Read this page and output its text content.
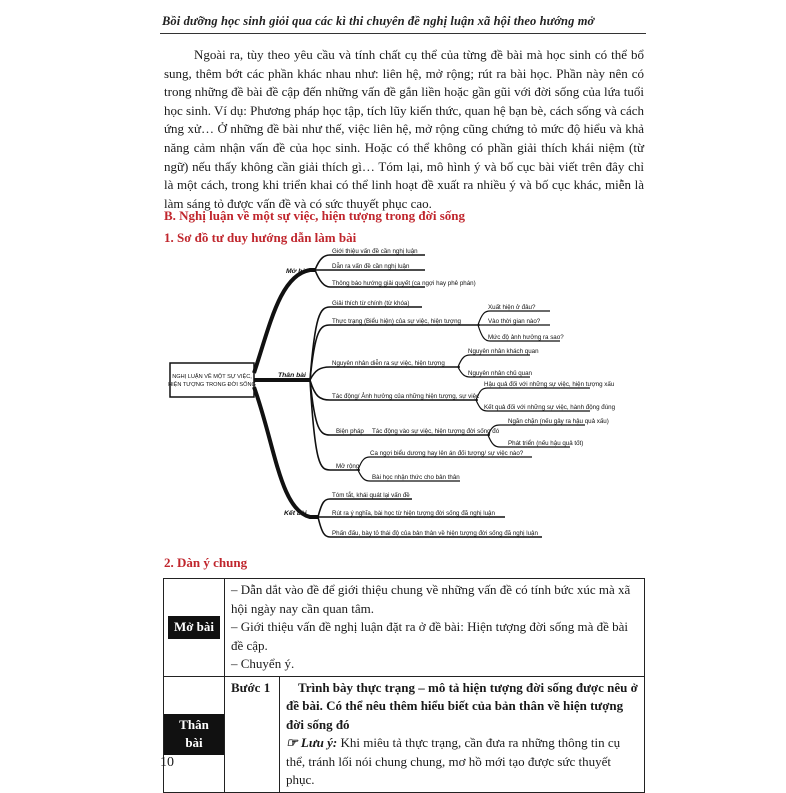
Bồi dưỡng học sinh giỏi qua các kì thi chuyên đề nghị luận xã hội theo hướng mở

Ngoài ra, tùy theo yêu cầu và tính chất cụ thể của từng đề bài mà học sinh có thể bổ sung, thêm bớt các phần khác nhau như: liên hệ, mở rộng; rút ra bài học. Phần này nên có trong những đề bài đề cập đến những vấn đề gắn liền hoặc gần gũi với đời sống của lứa tuổi học sinh. Ví dụ: Phương pháp học tập, tích lũy kiến thức, quan hệ bạn bè, cách sống và cách ứng xử… Ở những đề bài như thế, việc liên hệ, mở rộng cũng chứng tỏ mức độ hiểu và khả năng cảm nhận vấn đề của học sinh. Hoặc có thể không có phần giải thích khái niệm (từ ngữ) nếu thấy không cần giải thích gì… Tóm lại, mô hình ý và bố cục bài viết trên đây chỉ là một cách, trong khi triển khai có thể linh hoạt đề xuất ra nhiều ý và bố cục khác, miễn là làm sáng tỏ được vấn đề và có sức thuyết phục cao.

B. Nghị luận về một sự việc, hiện tượng trong đời sống
1. Sơ đồ tư duy hướng dẫn làm bài
NGHỊ LUẬN VỀ MỘT SỰ VIỆC,
HIỆN TƯỢNG TRONG ĐỜI SỐNG
Mở bài
Thân bài
Kết bài
Giới thiệu vấn đề cần nghị luận
Dẫn ra vấn đề cần nghị luận
Thông báo hướng giải quyết (ca ngợi hay phê phán)
Giải thích từ chính (từ khóa)
Thực trạng (Biểu hiện) của sự việc, hiện tượng
Xuất hiện ở đâu?
Vào thời gian nào?
Mức độ ảnh hưởng ra sao?
Nguyên nhân diễn ra sự việc, hiện tượng
Nguyên nhân khách quan
Nguyên nhân chủ quan
Tác động/ Ảnh hưởng của những hiện tượng, sự việc
Hậu quả đối với những sự việc, hiện tượng xấu
Kết quả đối với những sự việc, hành động đúng
Biện pháp Tác động vào sự việc, hiện tượng đời sống đó
Ngăn chặn (nếu gây ra hậu quả xấu)
Phát triển (nếu hậu quả tốt)
Mở rộng
Ca ngợi biểu dương hay lên án đối tượng/ sự việc nào?
Bài học nhận thức cho bản thân
Tóm tắt, khái quát lại vấn đề
Rút ra ý nghĩa, bài học từ hiện tượng đời sống đã nghị luận
Phấn đấu, bày tỏ thái độ của bản thân về hiện tượng đời sống đã nghị luận
2. Dàn ý chung
Mở bài	– Dẫn dắt vào đề để giới thiệu chung về những vấn đề có tính bức xúc mà xã hội ngày nay cần quan tâm.
– Giới thiệu vấn đề nghị luận đặt ra ở đề bài: Hiện tượng đời sống mà đề bài đề cập.
– Chuyển ý.	

Thân bài	Bước 1	Trình bày thực trạng – mô tả hiện tượng đời sống được nêu ở đề bài. Có thể nêu thêm hiểu biết của bản thân về hiện tượng đời sống đó
☞ Lưu ý: Khi miêu tả thực trạng, cần đưa ra những thông tin cụ thể, tránh lối nói chung chung, mơ hồ mới tạo được sức thuyết phục.
10
